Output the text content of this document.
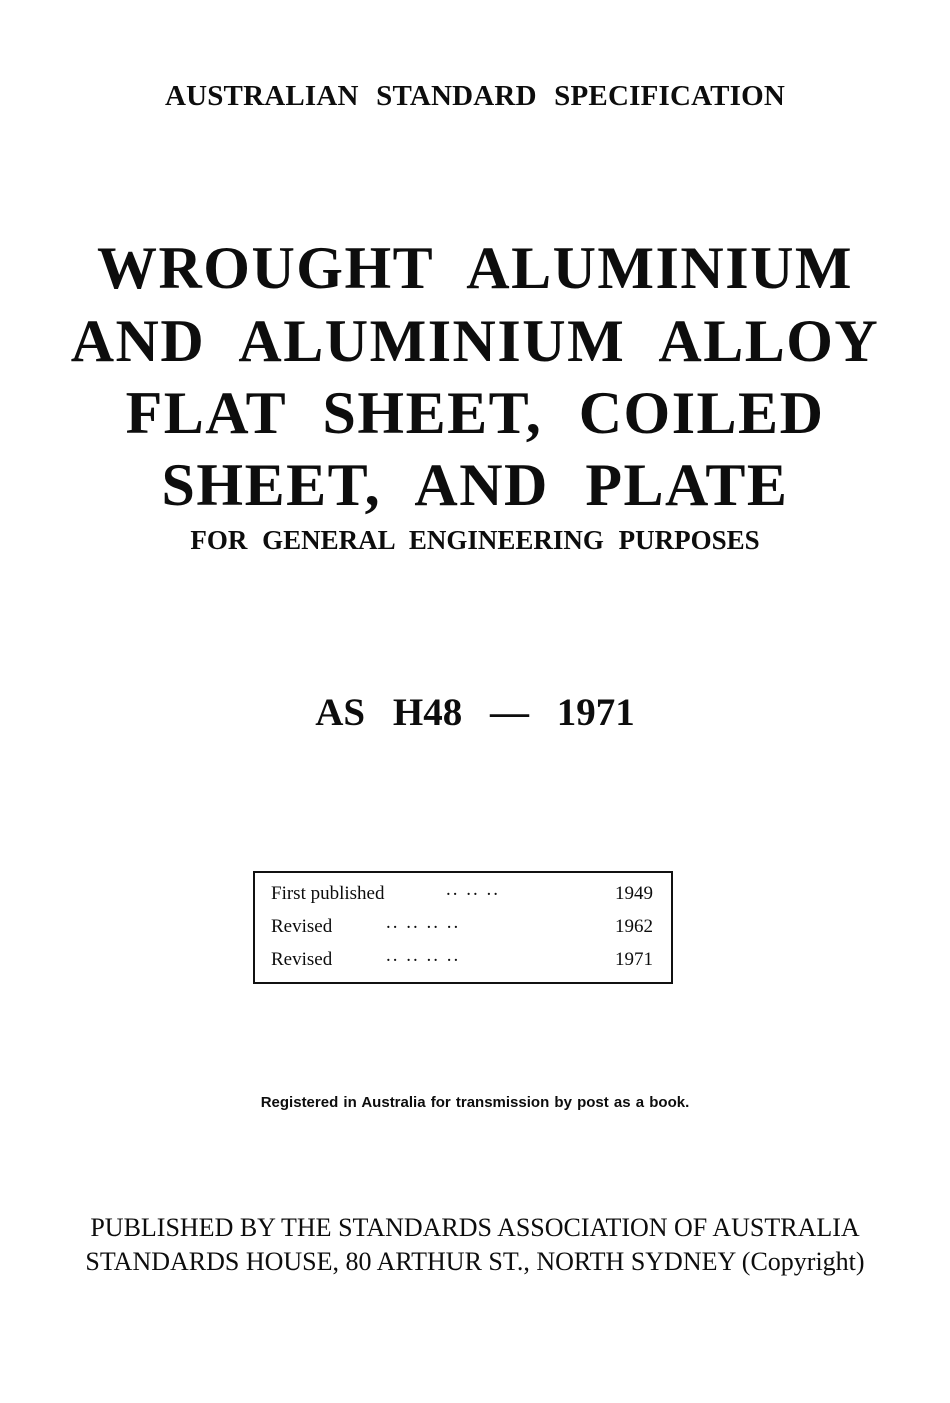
AUSTRALIAN STANDARD SPECIFICATION
WROUGHT ALUMINIUM
AND ALUMINIUM ALLOY
FLAT SHEET, COILED
SHEET, AND PLATE
FOR GENERAL ENGINEERING PURPOSES
AS H48 — 1971
First published	.. .. ..	1949
Revised	.. .. .. ..	1962
Revised	.. .. .. ..	1971
Registered in Australia for transmission by post as a book.
PUBLISHED BY THE STANDARDS ASSOCIATION OF AUSTRALIA
STANDARDS HOUSE, 80 ARTHUR ST., NORTH SYDNEY (Copyright)
